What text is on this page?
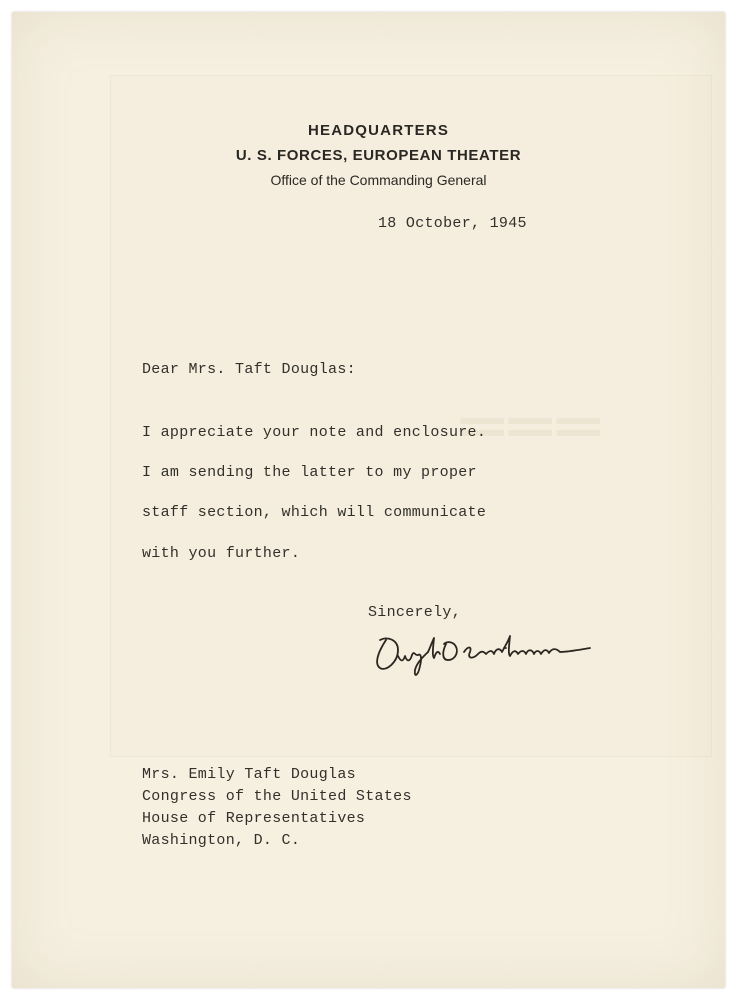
═══
HEADQUARTERS
U. S. FORCES, EUROPEAN THEATER
Office of the Commanding General
18 October, 1945
Dear Mrs. Taft Douglas:
I appreciate your note and enclosure.
I am sending the latter to my proper
staff section, which will communicate
with you further.
Sincerely,
Mrs. Emily Taft Douglas
Congress of the United States
House of Representatives
Washington, D. C.
